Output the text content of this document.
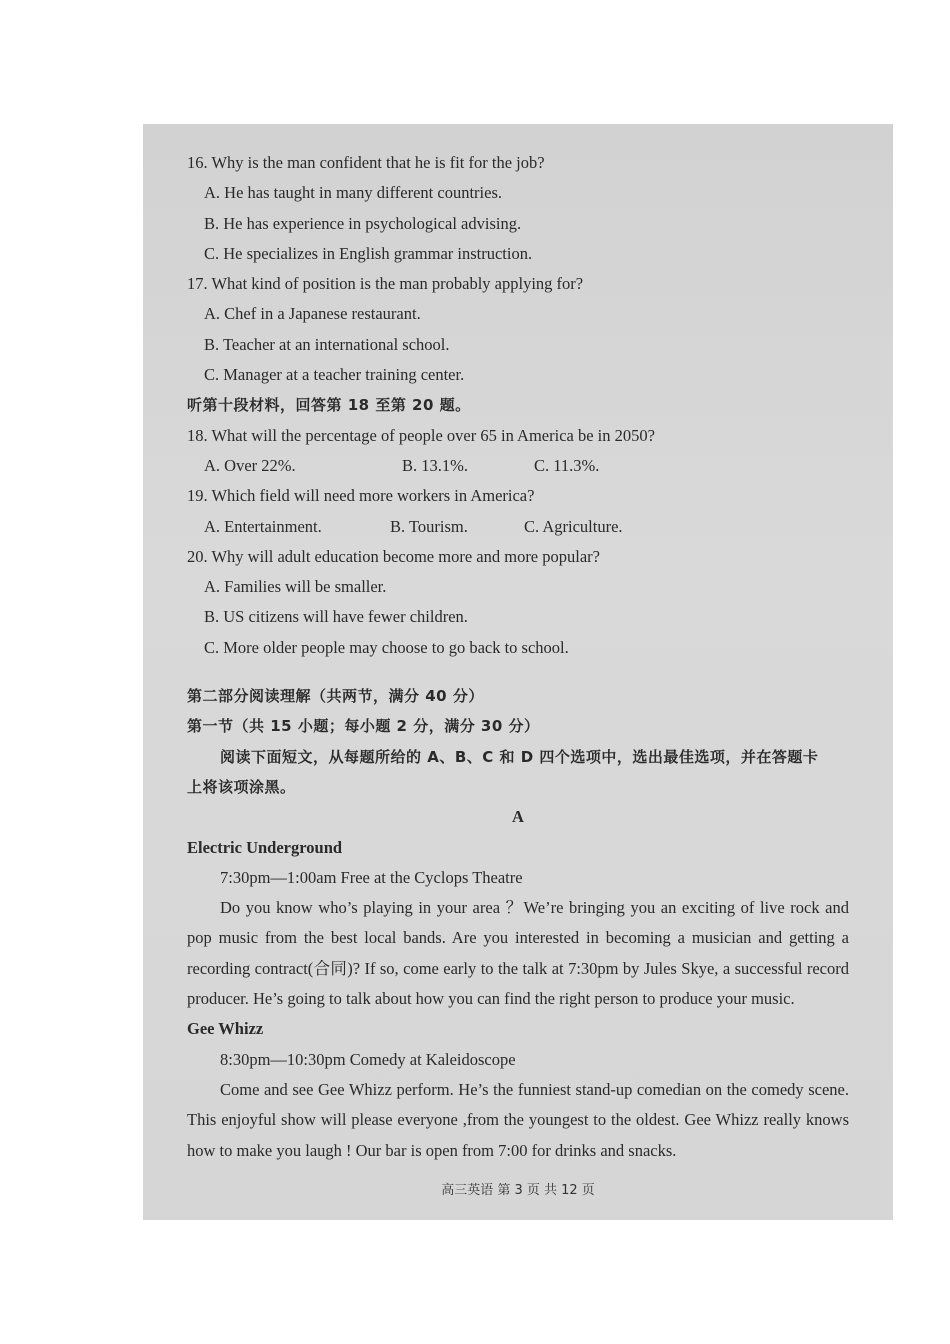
16. Why is the man confident that he is fit for the job?
A. He has taught in many different countries.
B. He has experience in psychological advising.
C. He specializes in English grammar instruction.
17. What kind of position is the man probably applying for?
A. Chef in a Japanese restaurant.
B. Teacher at an international school.
C. Manager at a teacher training center.
听第十段材料，回答第 18 至第 20 题。
18. What will the percentage of people over 65 in America be in 2050?
A. Over 22%.	B. 13.1%.	C. 11.3%.
19. Which field will need more workers in America?
A. Entertainment.	B. Tourism.	C. Agriculture.
20. Why will adult education become more and more popular?
A. Families will be smaller.
B. US citizens will have fewer children.
C. More older people may choose to go back to school.
第二部分阅读理解（共两节，满分 40 分）
第一节（共 15 小题；每小题 2 分，满分 30 分）
阅读下面短文，从每题所给的 A、B、C 和 D 四个选项中，选出最佳选项，并在答题卡
上将该项涂黑。
A
Electric Underground
7:30pm—1:00am Free at the Cyclops Theatre
Do you know who’s playing in your area ？We’re bringing you an exciting of live rock and pop music from the best local bands. Are you interested in becoming a musician and getting a recording contract(合同)? If so, come early to the talk at 7:30pm by Jules Skye, a successful record producer. He’s going to talk about how you can find the right person to produce your music.
Gee Whizz
8:30pm—10:30pm Comedy at Kaleidoscope
Come and see Gee Whizz perform. He’s the funniest stand-up comedian on the comedy scene. This enjoyful show will please everyone ,from the youngest to the oldest. Gee Whizz really knows how to make you laugh ! Our bar is open from 7:00 for drinks and snacks.
高三英语 第 3 页 共 12 页
